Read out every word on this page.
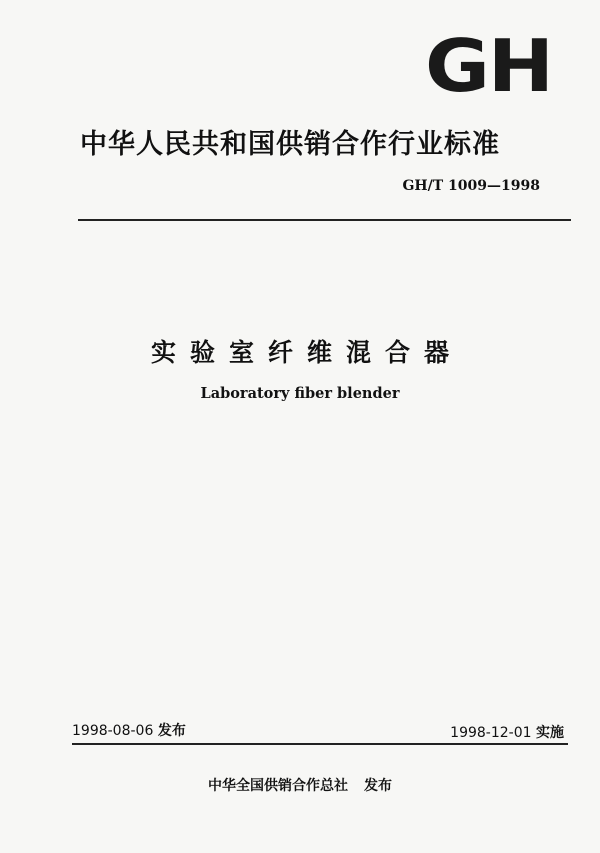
GH
中华人民共和国供销合作行业标准
GH/T 1009—1998
实验室纤维混合器
Laboratory fiber blender
1998-08-06 发布	1998-12-01 实施
中华全国供销合作总社 发布
